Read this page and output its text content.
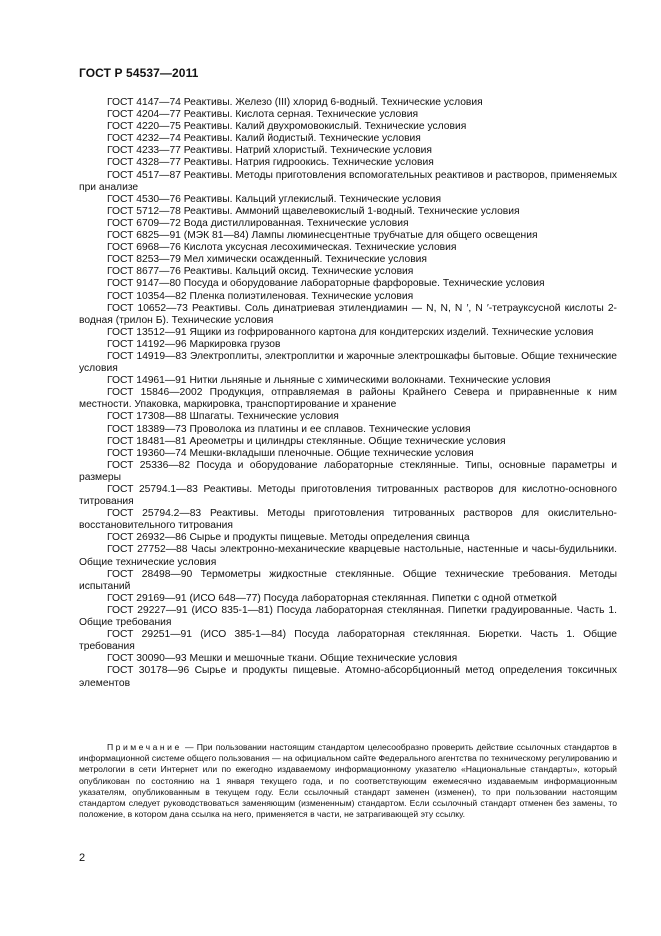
ГОСТ Р 54537—2011

ГОСТ 4147—74 Реактивы. Железо (III) хлорид 6-водный. Технические условия

ГОСТ 4204—77 Реактивы. Кислота серная. Технические условия

ГОСТ 4220—75 Реактивы. Калий двухромовокислый. Технические условия

ГОСТ 4232—74 Реактивы. Калий йодистый. Технические условия

ГОСТ 4233—77 Реактивы. Натрий хлористый. Технические условия

ГОСТ 4328—77 Реактивы. Натрия гидроокись. Технические условия

ГОСТ 4517—87 Реактивы. Методы приготовления вспомогательных реактивов и растворов, применяемых при анализе

ГОСТ 4530—76 Реактивы. Кальций углекислый. Технические условия

ГОСТ 5712—78 Реактивы. Аммоний щавелевокислый 1-водный. Технические условия

ГОСТ 6709—72 Вода дистиллированная. Технические условия

ГОСТ 6825—91 (МЭК 81—84) Лампы люминесцентные трубчатые для общего освещения

ГОСТ 6968—76 Кислота уксусная лесохимическая. Технические условия

ГОСТ 8253—79 Мел химически осажденный. Технические условия

ГОСТ 8677—76 Реактивы. Кальций оксид. Технические условия

ГОСТ 9147—80 Посуда и оборудование лабораторные фарфоровые. Технические условия

ГОСТ 10354—82 Пленка полиэтиленовая. Технические условия

ГОСТ 10652—73 Реактивы. Соль динатриевая этилендиамин — N, N, N ′, N ′-тетрауксусной кислоты 2-водная (трилон Б). Технические условия

ГОСТ 13512—91 Ящики из гофрированного картона для кондитерских изделий. Технические условия

ГОСТ 14192—96 Маркировка грузов

ГОСТ 14919—83 Электроплиты, электроплитки и жарочные электрошкафы бытовые. Общие технические условия

ГОСТ 14961—91 Нитки льняные и льняные с химическими волокнами. Технические условия

ГОСТ 15846—2002 Продукция, отправляемая в районы Крайнего Севера и приравненные к ним местности. Упаковка, маркировка, транспортирование и хранение

ГОСТ 17308—88 Шпагаты. Технические условия

ГОСТ 18389—73 Проволока из платины и ее сплавов. Технические условия

ГОСТ 18481—81 Ареометры и цилиндры стеклянные. Общие технические условия

ГОСТ 19360—74 Мешки-вкладыши пленочные. Общие технические условия

ГОСТ 25336—82 Посуда и оборудование лабораторные стеклянные. Типы, основные параметры и размеры

ГОСТ 25794.1—83 Реактивы. Методы приготовления титрованных растворов для кислотно-основного титрования

ГОСТ 25794.2—83 Реактивы. Методы приготовления титрованных растворов для окислительно-восстановительного титрования

ГОСТ 26932—86 Сырье и продукты пищевые. Методы определения свинца

ГОСТ 27752—88 Часы электронно-механические кварцевые настольные, настенные и часы-будильники. Общие технические условия

ГОСТ 28498—90 Термометры жидкостные стеклянные. Общие технические требования. Методы испытаний

ГОСТ 29169—91 (ИСО 648—77) Посуда лабораторная стеклянная. Пипетки с одной отметкой

ГОСТ 29227—91 (ИСО 835-1—81) Посуда лабораторная стеклянная. Пипетки градуированные. Часть 1. Общие требования

ГОСТ 29251—91 (ИСО 385-1—84) Посуда лабораторная стеклянная. Бюретки. Часть 1. Общие требования

ГОСТ 30090—93 Мешки и мешочные ткани. Общие технические условия

ГОСТ 30178—96 Сырье и продукты пищевые. Атомно-абсорбционный метод определения токсичных элементов

Примечание — При пользовании настоящим стандартом целесообразно проверить действие ссылочных стандартов в информационной системе общего пользования — на официальном сайте Федерального агентства по техническому регулированию и метрологии в сети Интернет или по ежегодно издаваемому информационному указателю «Национальные стандарты», который опубликован по состоянию на 1 января текущего года, и по соответствующим ежемесячно издаваемым информационным указателям, опубликованным в текущем году. Если ссылочный стандарт заменен (изменен), то при пользовании настоящим стандартом следует руководствоваться заменяющим (измененным) стандартом. Если ссылочный стандарт отменен без замены, то положение, в котором дана ссылка на него, применяется в части, не затрагивающей эту ссылку.
2
